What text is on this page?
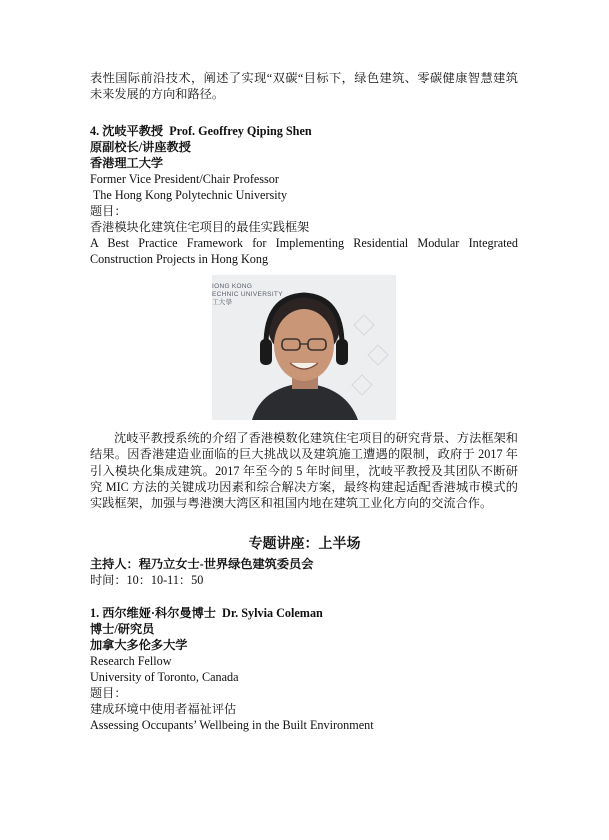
表性国际前沿技术，阐述了实现“双碳“目标下，绿色建筑、零碳健康智慧建筑
未来发展的方向和路径。
4. 沈岐平教授 Prof. Geoffrey Qiping Shen
原副校长/讲座教授
香港理工大学
Former Vice President/Chair Professor
The Hong Kong Polytechnic University
题目：
香港模块化建筑住宅项目的最佳实践框架
A Best Practice Framework for Implementing Residential Modular Integrated Construction Projects in Hong Kong
IONG KONG
ECHNIC UNIVERSITY
工大學
沈岐平教授系统的介绍了香港模数化建筑住宅项目的研究背景、方法框架和结果。因香港建造业面临的巨大挑战以及建筑施工遭遇的限制，政府于 2017 年引入模块化集成建筑。2017 年至今的 5 年时间里，沈岐平教授及其团队不断研究 MIC 方法的关键成功因素和综合解决方案，最终构建起适配香港城市模式的实践框架，加强与粤港澳大湾区和祖国内地在建筑工业化方向的交流合作。
专题讲座：上半场
主持人：程乃立女士-世界绿色建筑委员会
时间：10：10-11：50
1. 西尔维娅·科尔曼博士 Dr. Sylvia Coleman
博士/研究员
加拿大多伦多大学
Research Fellow
University of Toronto, Canada
题目：
建成环境中使用者福祉评估
Assessing Occupants’ Wellbeing in the Built Environment
